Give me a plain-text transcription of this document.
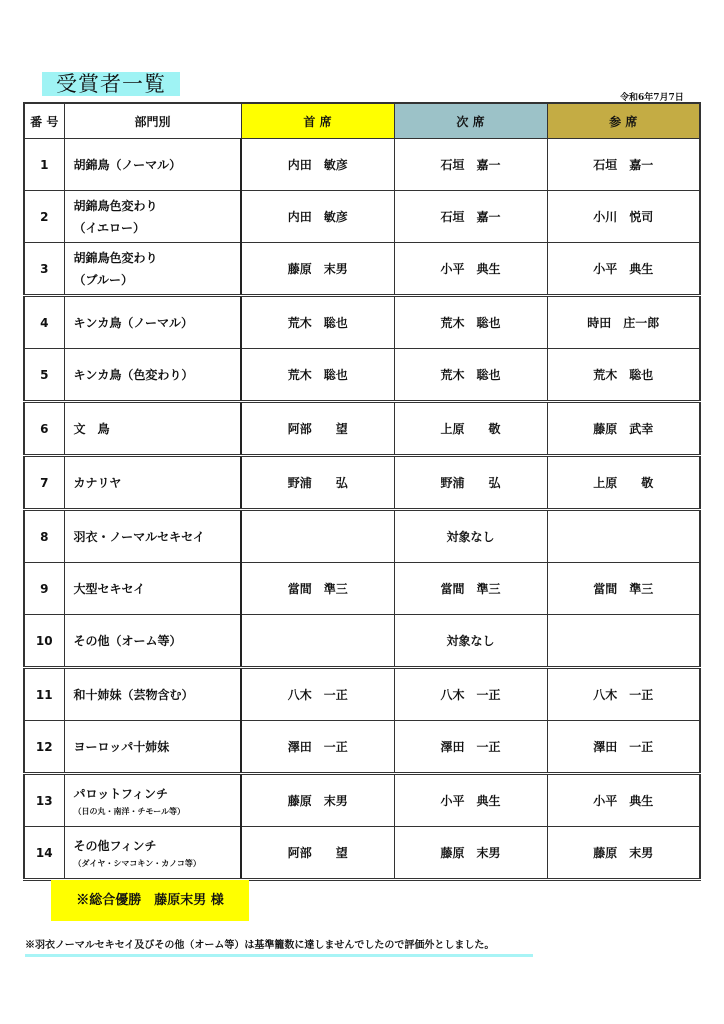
受賞者一覧
令和6年7月7日
番 号	部門別	首 席	次 席	参 席
1	胡錦鳥（ノーマル）	内田　敏彦	石垣　嘉一	石垣　嘉一
2	胡錦鳥色変わり
（イエロー）	内田　敏彦	石垣　嘉一	小川　悦司
3	胡錦鳥色変わり
（ブルー）	藤原　末男	小平　典生	小平　典生
4	キンカ鳥（ノーマル）	荒木　聡也	荒木　聡也	時田　庄一郎
5	キンカ鳥（色変わり）	荒木　聡也	荒木　聡也	荒木　聡也
6	文　鳥	阿部　　望	上原　　敬	藤原　武幸
7	カナリヤ	野浦　　弘	野浦　　弘	上原　　敬
8	羽衣・ノーマルセキセイ		対象なし	
9	大型セキセイ	當間　準三	當間　準三	當間　準三
10	その他（オーム等）		対象なし	
11	和十姉妹（芸物含む）	八木　一正	八木　一正	八木　一正
12	ヨーロッパ十姉妹	澤田　一正	澤田　一正	澤田　一正
13	パロットフィンチ
（日の丸・南洋・チモール等）	藤原　末男	小平　典生	小平　典生
14	その他フィンチ
（ダイヤ・シマコキン・カノコ等）	阿部　　望	藤原　末男	藤原　末男
※総合優勝　藤原末男 様
※羽衣ノーマルセキセイ及びその他（オーム等）は基準籠数に達しませんでしたので評価外としました。
